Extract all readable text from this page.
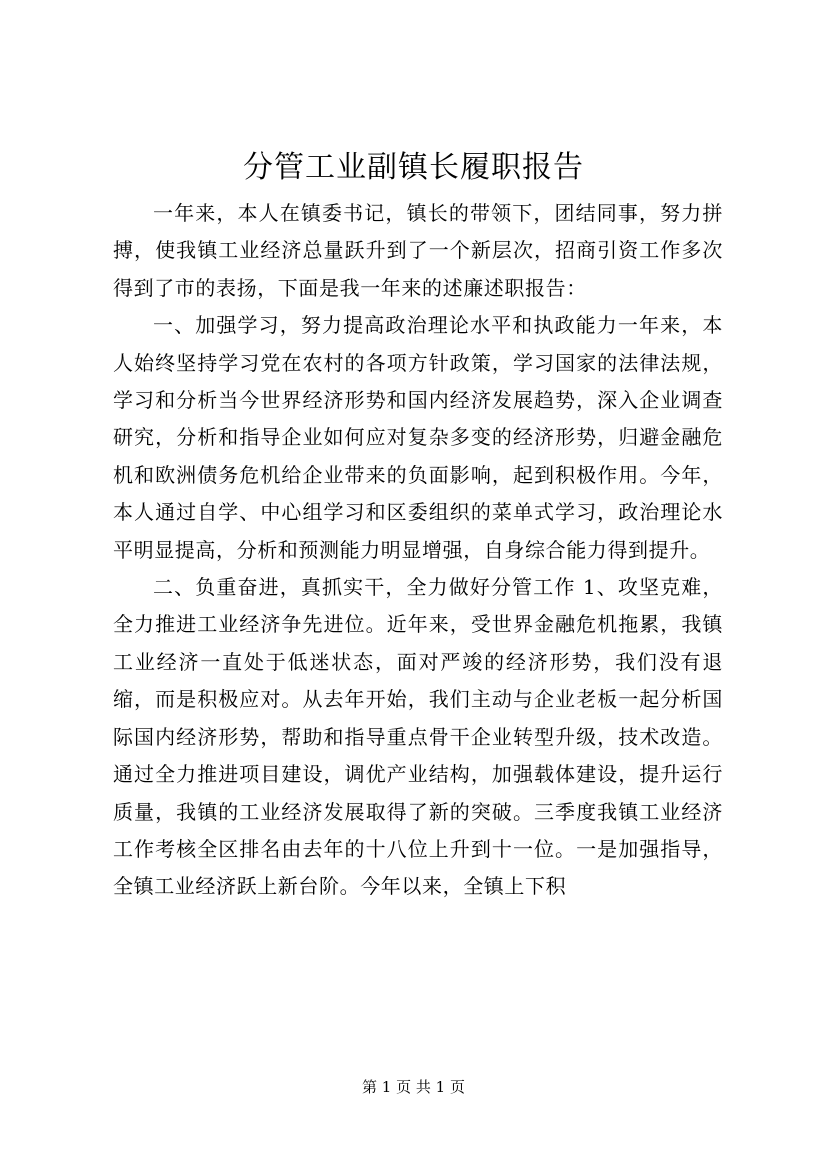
分管工业副镇长履职报告

一年来，本人在镇委书记，镇长的带领下，团结同事，努力拼搏，使我镇工业经济总量跃升到了一个新层次，招商引资工作多次得到了市的表扬，下面是我一年来的述廉述职报告：

一、加强学习，努力提高政治理论水平和执政能力一年来，本人始终坚持学习党在农村的各项方针政策，学习国家的法律法规，学习和分析当今世界经济形势和国内经济发展趋势，深入企业调查研究，分析和指导企业如何应对复杂多变的经济形势，归避金融危机和欧洲债务危机给企业带来的负面影响，起到积极作用。今年，本人通过自学、中心组学习和区委组织的菜单式学习，政治理论水平明显提高，分析和预测能力明显增强，自身综合能力得到提升。

二、负重奋进，真抓实干，全力做好分管工作 1、攻坚克难，全力推进工业经济争先进位。近年来，受世界金融危机拖累，我镇工业经济一直处于低迷状态，面对严竣的经济形势，我们没有退缩，而是积极应对。从去年开始，我们主动与企业老板一起分析国际国内经济形势，帮助和指导重点骨干企业转型升级，技术改造。通过全力推进项目建设，调优产业结构，加强载体建设，提升运行质量，我镇的工业经济发展取得了新的突破。三季度我镇工业经济工作考核全区排名由去年的十八位上升到十一位。一是加强指导，全镇工业经济跃上新台阶。今年以来，全镇上下积

第 1 页 共 1 页
